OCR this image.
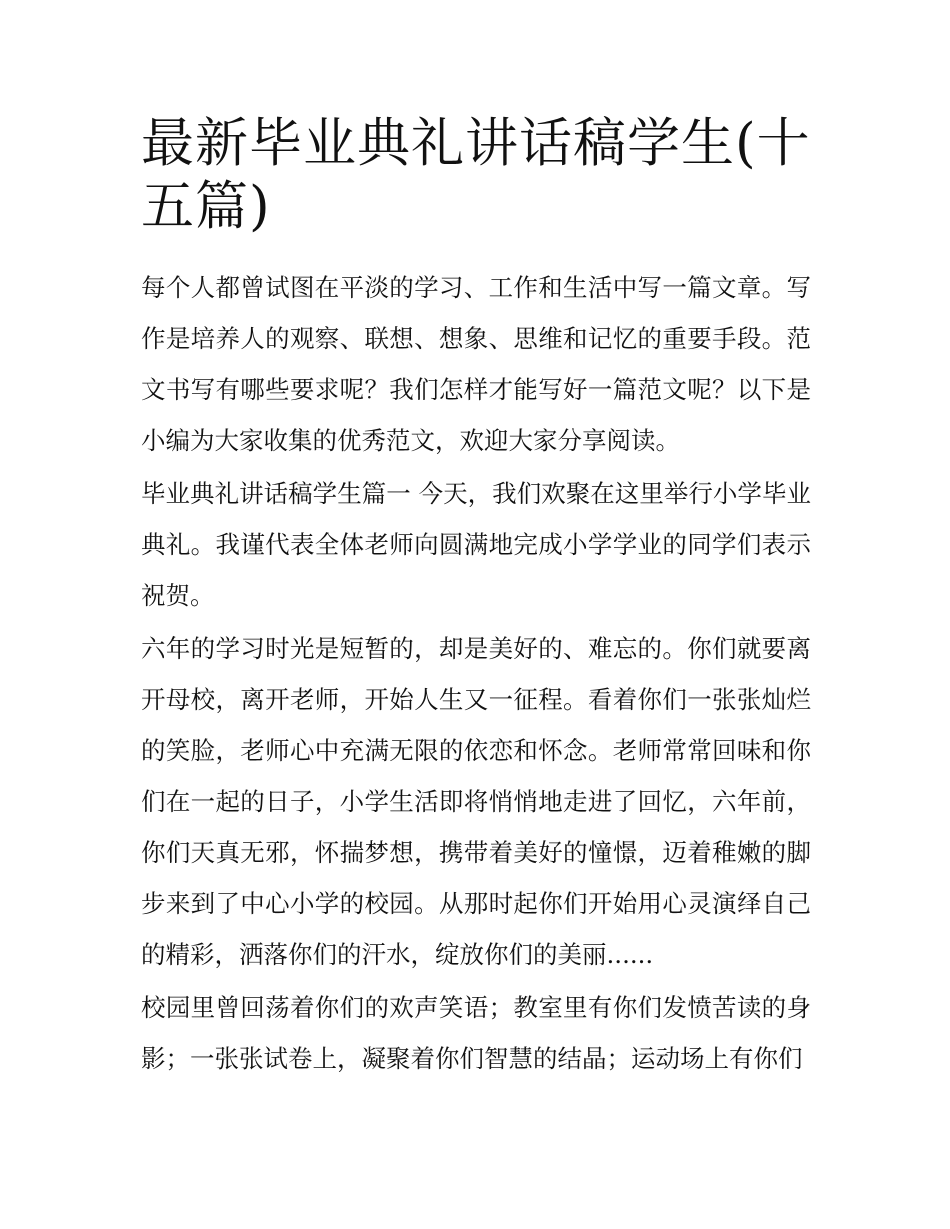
最新毕业典礼讲话稿学生(十五篇)

每个人都曾试图在平淡的学习、工作和生活中写一篇文章。写作是培养人的观察、联想、想象、思维和记忆的重要手段。范文书写有哪些要求呢？我们怎样才能写好一篇范文呢？以下是小编为大家收集的优秀范文，欢迎大家分享阅读。

毕业典礼讲话稿学生篇一 今天，我们欢聚在这里举行小学毕业典礼。我谨代表全体老师向圆满地完成小学学业的同学们表示祝贺。

六年的学习时光是短暂的，却是美好的、难忘的。你们就要离开母校，离开老师，开始人生又一征程。看着你们一张张灿烂的笑脸，老师心中充满无限的依恋和怀念。老师常常回味和你们在一起的日子，小学生活即将悄悄地走进了回忆，六年前，你们天真无邪，怀揣梦想，携带着美好的憧憬，迈着稚嫩的脚步来到了中心小学的校园。从那时起你们开始用心灵演绎自己的精彩，洒落你们的汗水，绽放你们的美丽......

校园里曾回荡着你们的欢声笑语；教室里有你们发愤苦读的身影；一张张试卷上，凝聚着你们智慧的结晶；运动场上有你们
